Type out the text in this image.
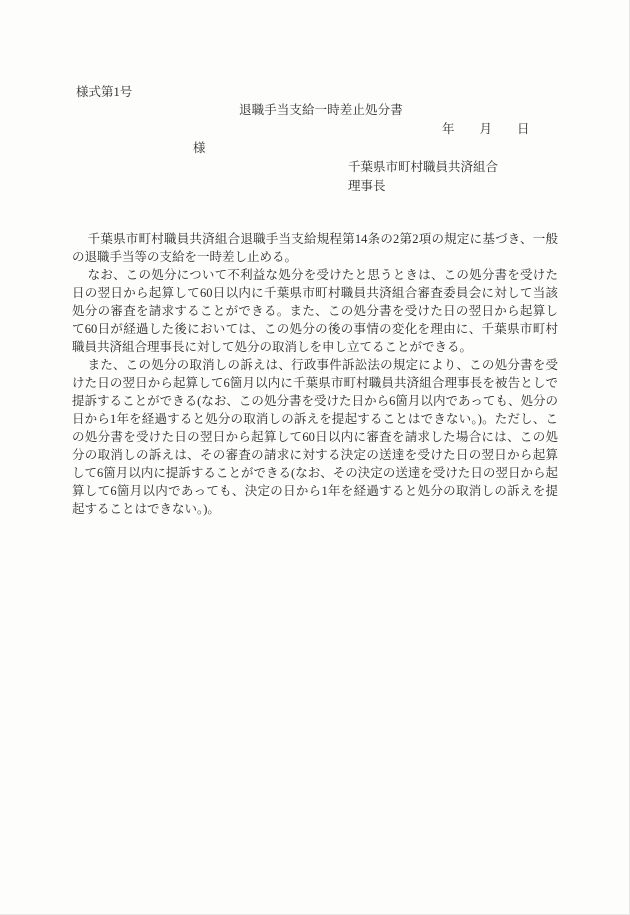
様式第1号
退職手当支給一時差止処分書
年　　月　　日
様
千葉県市町村職員共済組合
理事長

千葉県市町村職員共済組合退職手当支給規程第14条の2第2項の規定に基づき、一般の退職手当等の支給を一時差し止める。

なお、この処分について不利益な処分を受けたと思うときは、この処分書を受けた日の翌日から起算して60日以内に千葉県市町村職員共済組合審査委員会に対して当該処分の審査を請求することができる。また、この処分書を受けた日の翌日から起算して60日が経過した後においては、この処分の後の事情の変化を理由に、千葉県市町村職員共済組合理事長に対して処分の取消しを申し立てることができる。

また、この処分の取消しの訴えは、行政事件訴訟法の規定により、この処分書を受けた日の翌日から起算して6箇月以内に千葉県市町村職員共済組合理事長を被告としで提訴することができる(なお、この処分書を受けた日から6箇月以内であっても、処分の日から1年を経過すると処分の取消しの訴えを提起することはできない。)。ただし、この処分書を受けた日の翌日から起算して60日以内に審査を請求した場合には、この処分の取消しの訴えは、その審査の請求に対する決定の送達を受けた日の翌日から起算して6箇月以内に提訴することができる(なお、その決定の送達を受けた日の翌日から起算して6箇月以内であっても、決定の日から1年を経過すると処分の取消しの訴えを提起することはできない。)。
